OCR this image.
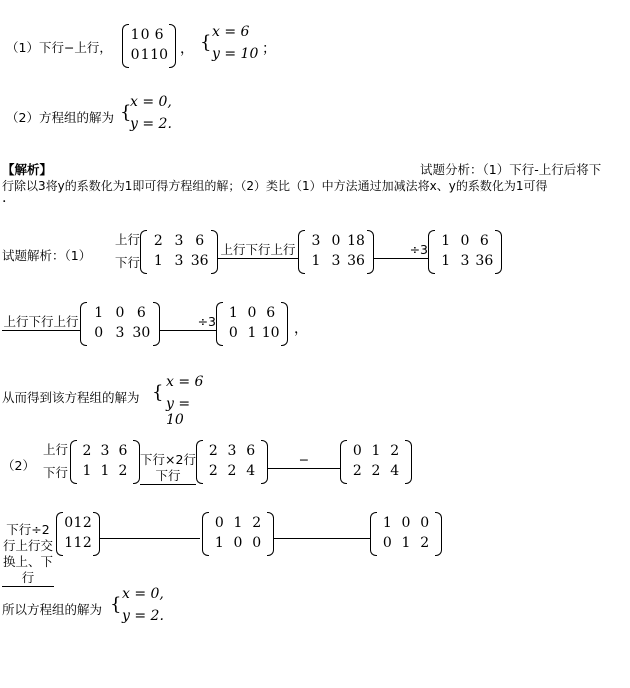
（1）下行−上行，
1 0 6
0 1 10 ， { x = 6
y = 10 ；
（2）方程组的解为 {
x = 0,
y = 2.
【解析】	试题分析：（1）下行-上行后将下
行除以3将y的系数化为1即可得方程组的解；（2）类比（1）中方法通过加减法将x、y的系数化为1可得
.
试题解析：（1）
上行
下行
2 3 6
1 3 36
上行下行上行
3 0 18
1 3 36
÷3
1 0 6
1 3 36
上行下行上行
1 0 6
0 3 30
÷3
1 0 6
0 1 10 ，
从而得到该方程组的解为 { x = 6
y = 10
（2）
上行
下行
2 3 6
1 1 2
下行×2行下行
2 3 6
2 2 4
−
0 1 2
2 2 4
下行÷2行上行交换上、下行
0 1 2
1 1 2
0 1 2
1 0 0
1 0 0
0 1 2
所以方程组的解为 { x = 0,
y = 2.
